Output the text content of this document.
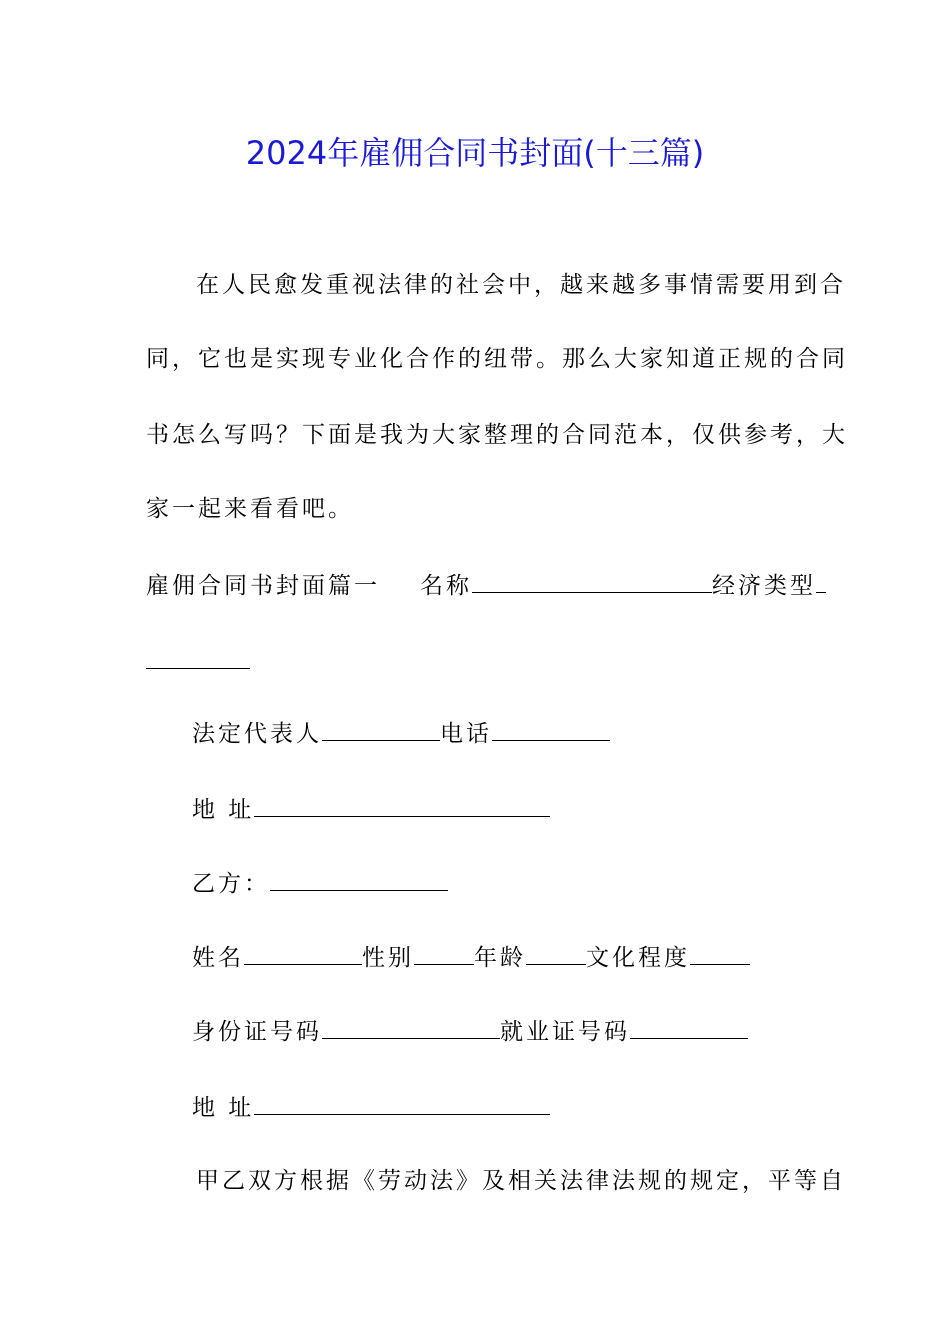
2024年雇佣合同书封面(十三篇)
在人民愈发重视法律的社会中，越来越多事情需要用到合
同，它也是实现专业化合作的纽带。那么大家知道正规的合同
书怎么写吗？下面是我为大家整理的合同范本，仅供参考，大
家一起来看看吧。
雇佣合同书封面篇一 名称	经济类型
法定代表人	电话
地 址
乙方：
姓名	性别	年龄	文化程度
身份证号码	就业证号码
地 址
甲乙双方根据《劳动法》及相关法律法规的规定，平等自
